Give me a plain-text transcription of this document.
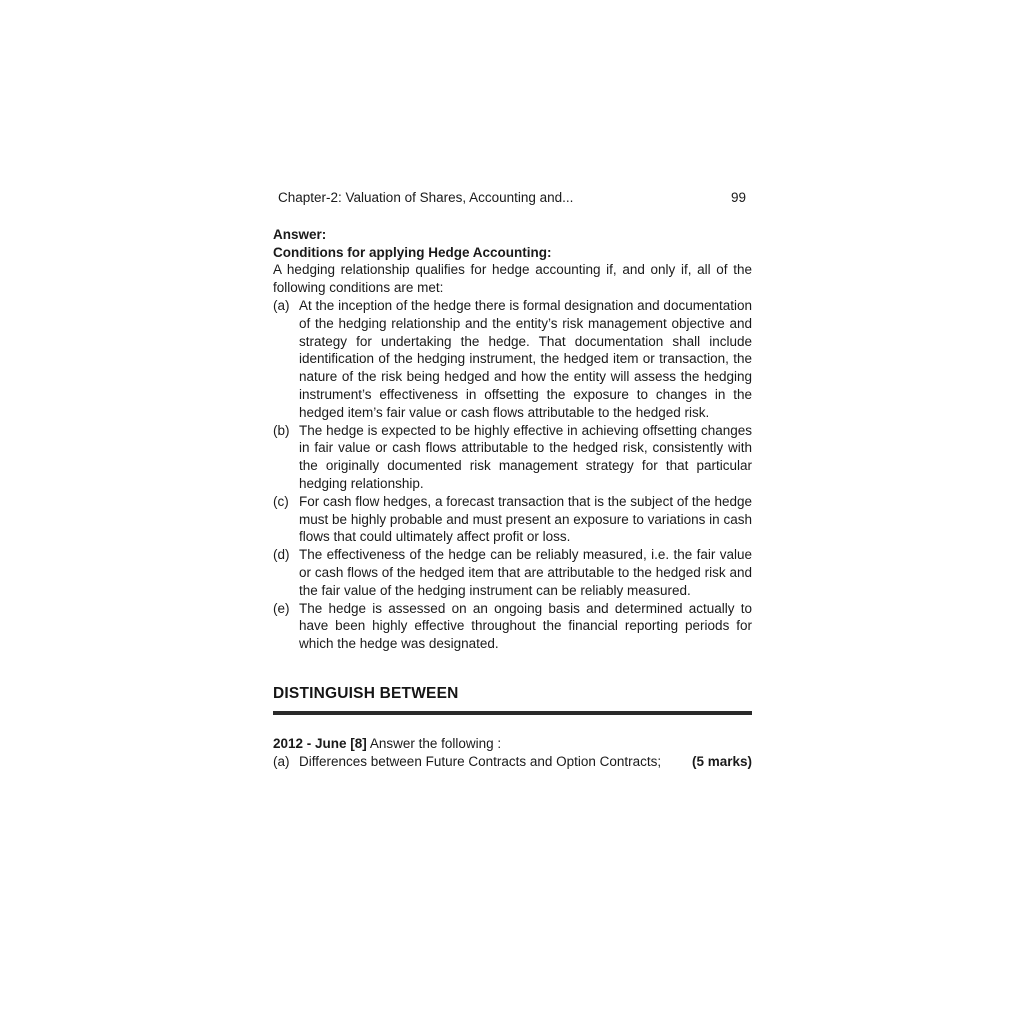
Chapter-2: Valuation of Shares, Accounting and...	99
Answer:
Conditions for applying Hedge Accounting:
A hedging relationship qualifies for hedge accounting if, and only if, all of the following conditions are met:
(a) At the inception of the hedge there is formal designation and documentation of the hedging relationship and the entity’s risk management objective and strategy for undertaking the hedge. That documentation shall include identification of the hedging instrument, the hedged item or transaction, the nature of the risk being hedged and how the entity will assess the hedging instrument’s effectiveness in offsetting the exposure to changes in the hedged item’s fair value or cash flows attributable to the hedged risk.
(b) The hedge is expected to be highly effective in achieving offsetting changes in fair value or cash flows attributable to the hedged risk, consistently with the originally documented risk management strategy for that particular hedging relationship.
(c) For cash flow hedges, a forecast transaction that is the subject of the hedge must be highly probable and must present an exposure to variations in cash flows that could ultimately affect profit or loss.
(d) The effectiveness of the hedge can be reliably measured, i.e. the fair value or cash flows of the hedged item that are attributable to the hedged risk and the fair value of the hedging instrument can be reliably measured.
(e) The hedge is assessed on an ongoing basis and determined actually to have been highly effective throughout the financial reporting periods for which the hedge was designated.
DISTINGUISH BETWEEN
2012 - June [8] Answer the following :
(a) Differences between Future Contracts and Option Contracts;	(5 marks)
